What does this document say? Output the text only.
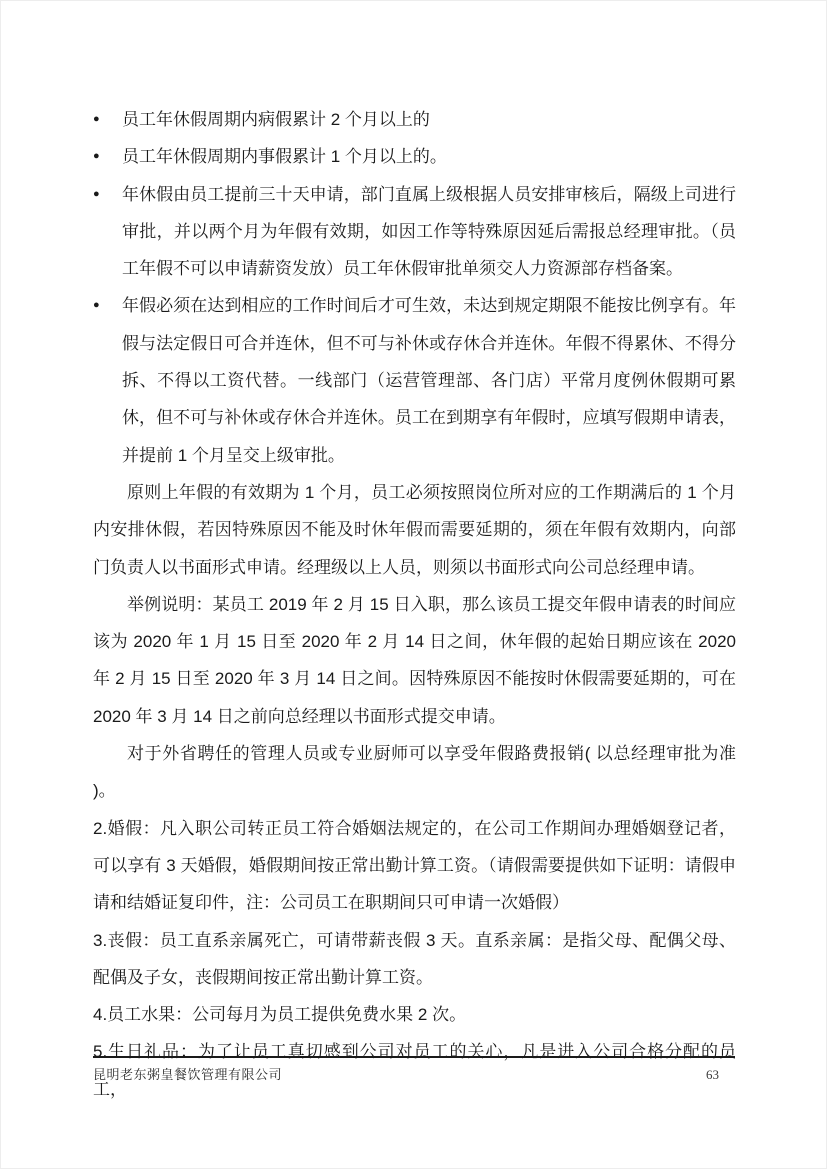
●	员工年休假周期内病假累计 2 个月以上的

●	员工年休假周期内事假累计 1 个月以上的。

●	年休假由员工提前三十天申请，部门直属上级根据人员安排审核后，隔级上司进行审批，并以两个月为年假有效期，如因工作等特殊原因延后需报总经理审批。（员工年假不可以申请薪资发放）员工年休假审批单须交人力资源部存档备案。

●	年假必须在达到相应的工作时间后才可生效，未达到规定期限不能按比例享有。年假与法定假日可合并连休，但不可与补休或存休合并连休。年假不得累休、不得分拆、不得以工资代替。一线部门（运营管理部、各门店）平常月度例休假期可累休，但不可与补休或存休合并连休。员工在到期享有年假时，应填写假期申请表，并提前 1 个月呈交上级审批。

原则上年假的有效期为 1 个月，员工必须按照岗位所对应的工作期满后的 1 个月内安排休假，若因特殊原因不能及时休年假而需要延期的，须在年假有效期内，向部门负责人以书面形式申请。经理级以上人员，则须以书面形式向公司总经理申请。

举例说明：某员工 2019 年 2 月 15 日入职，那么该员工提交年假申请表的时间应该为 2020 年 1 月 15 日至 2020 年 2 月 14 日之间，休年假的起始日期应该在 2020 年 2 月 15 日至 2020 年 3 月 14 日之间。因特殊原因不能按时休假需要延期的，可在 2020 年 3 月 14 日之前向总经理以书面形式提交申请。

对于外省聘任的管理人员或专业厨师可以享受年假路费报销( 以总经理审批为准 )。

2.婚假：凡入职公司转正员工符合婚姻法规定的，在公司工作期间办理婚姻登记者，可以享有 3 天婚假，婚假期间按正常出勤计算工资。（请假需要提供如下证明：请假申请和结婚证复印件，注：公司员工在职期间只可申请一次婚假）

3.丧假：员工直系亲属死亡，可请带薪丧假 3 天。直系亲属：是指父母、配偶父母、配偶及子女，丧假期间按正常出勤计算工资。

4.员工水果：公司每月为员工提供免费水果 2 次。

5.生日礼品：为了让员工真切感到公司对员工的关心，凡是进入公司合格分配的员工，

昆明老东粥皇餐饮管理有限公司	63
